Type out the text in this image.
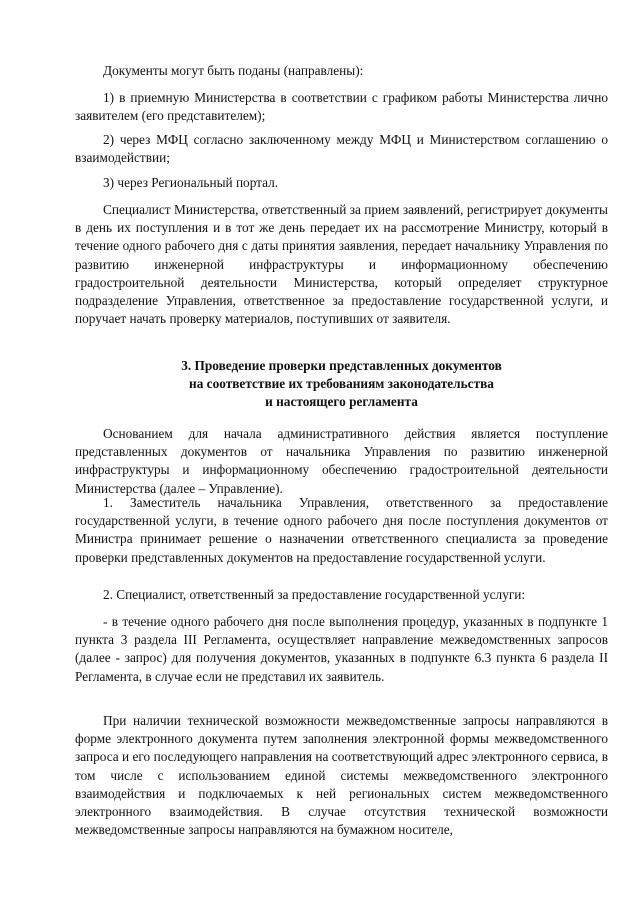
Документы могут быть поданы (направлены):

1) в приемную Министерства в соответствии с графиком работы Министерства лично заявителем (его представителем);

2) через МФЦ согласно заключенному между МФЦ и Министерством соглашению о взаимодействии;

3) через Региональный портал.

Специалист Министерства, ответственный за прием заявлений, регистрирует документы в день их поступления и в тот же день передает их на рассмотрение Министру, который в течение одного рабочего дня с даты принятия заявления, передает начальнику Управления по развитию инженерной инфраструктуры и информационному обеспечению градостроительной деятельности Министерства, который определяет структурное подразделение Управления, ответственное за предоставление государственной услуги, и поручает начать проверку материалов, поступивших от заявителя.

3. Проведение проверки представленных документов
на соответствие их требованиям законодательства
и настоящего регламента

Основанием для начала административного действия является поступление представленных документов от начальника Управления по развитию инженерной инфраструктуры и информационному обеспечению градостроительной деятельности Министерства (далее – Управление).

1. Заместитель начальника Управления, ответственного за предоставление государственной услуги, в течение одного рабочего дня после поступления документов от Министра принимает решение о назначении ответственного специалиста за проведение проверки представленных документов на предоставление государственной услуги.

2. Специалист, ответственный за предоставление государственной услуги:

- в течение одного рабочего дня после выполнения процедур, указанных в подпункте 1 пункта 3 раздела III Регламента, осуществляет направление межведомственных запросов (далее - запрос) для получения документов, указанных в подпункте 6.3 пункта 6 раздела II Регламента, в случае если не представил их заявитель.

При наличии технической возможности межведомственные запросы направляются в форме электронного документа путем заполнения электронной формы межведомственного запроса и его последующего направления на соответствующий адрес электронного сервиса, в том числе с использованием единой системы межведомственного электронного взаимодействия и подключаемых к ней региональных систем межведомственного электронного взаимодействия. В случае отсутствия технической возможности межведомственные запросы направляются на бумажном носителе,
